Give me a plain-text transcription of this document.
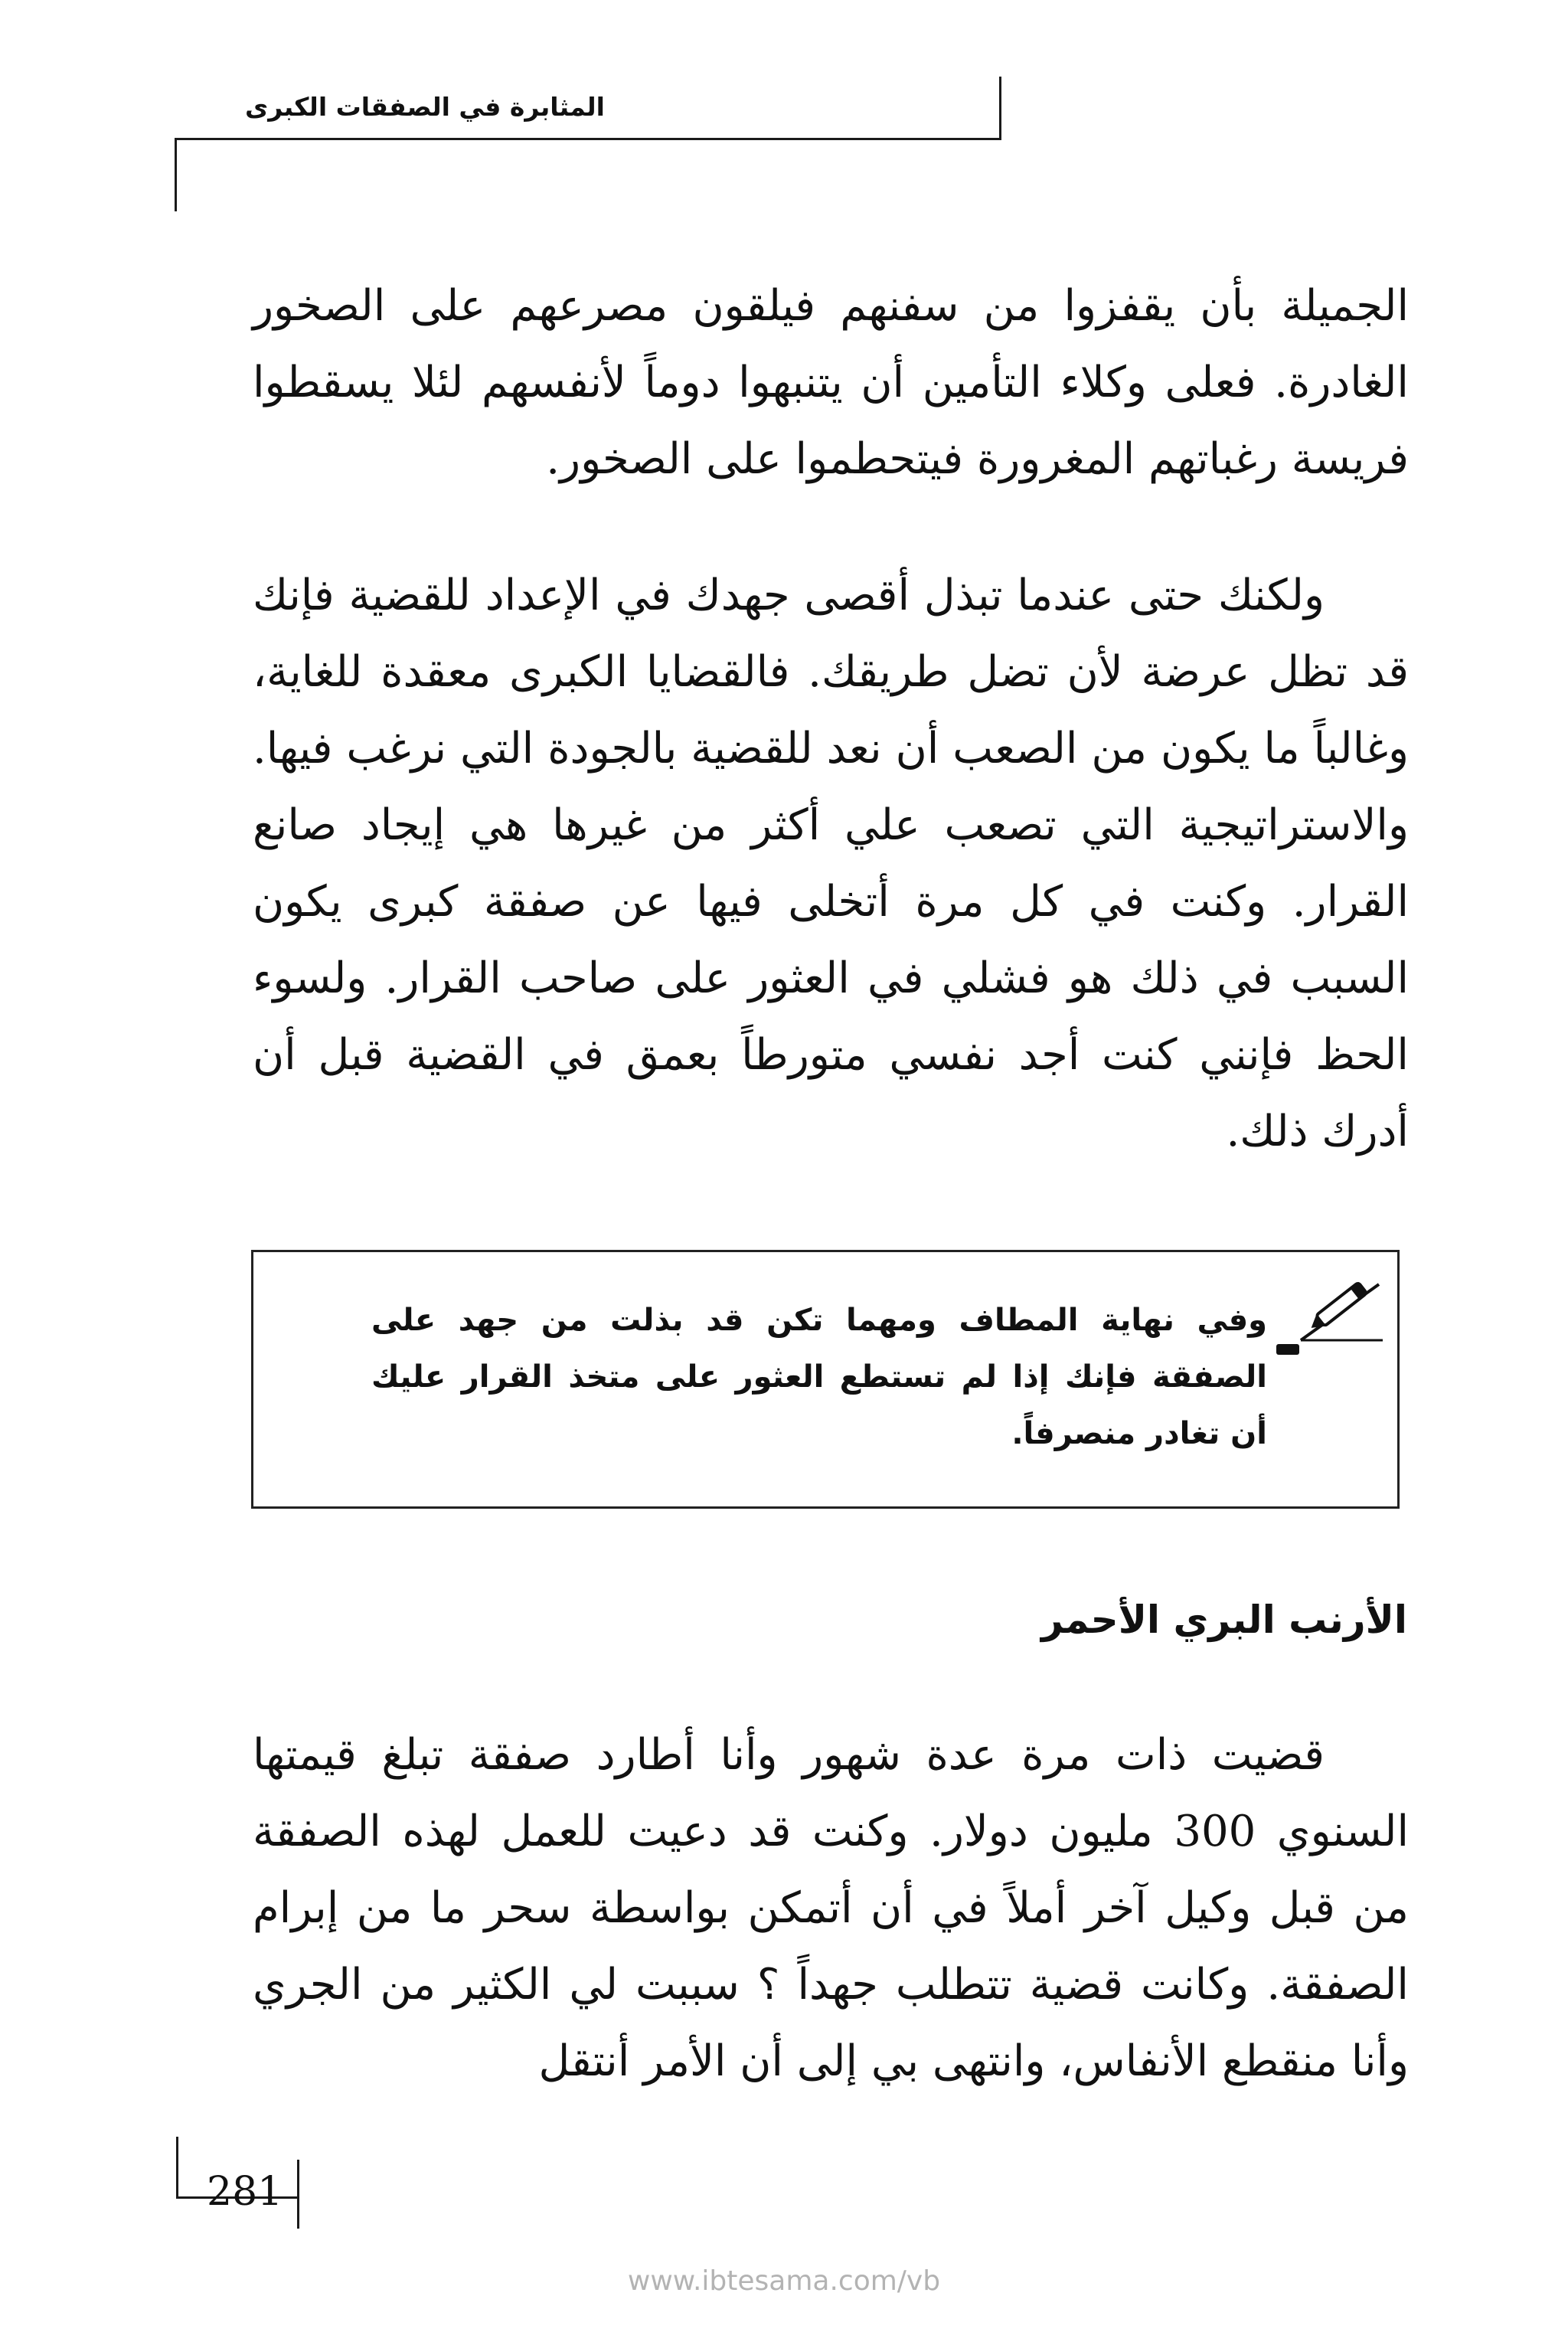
المثابرة في الصفقات الكبرى

الجميلة بأن يقفزوا من سفنهم فيلقون مصرعهم على الصخور الغادرة. فعلى وكلاء التأمين أن يتنبهوا دوماً لأنفسهم لئلا يسقطوا فريسة رغباتهم المغرورة فيتحطموا على الصخور.

ولكنك حتى عندما تبذل أقصى جهدك في الإعداد للقضية فإنك قد تظل عرضة لأن تضل طريقك. فالقضايا الكبرى معقدة للغاية، وغالباً ما يكون من الصعب أن نعد للقضية بالجودة التي نرغب فيها. والاستراتيجية التي تصعب علي أكثر من غيرها هي إيجاد صانع القرار. وكنت في كل مرة أتخلى فيها عن صفقة كبرى يكون السبب في ذلك هو فشلي في العثور على صاحب القرار. ولسوء الحظ فإنني كنت أجد نفسي متورطاً بعمق في القضية قبل أن أدرك ذلك.

وفي نهاية المطاف ومهما تكن قد بذلت من جهد على الصفقة فإنك إذا لم تستطع العثور على متخذ القرار عليك أن تغادر منصرفاً.

الأرنب البري الأحمر

قضيت ذات مرة عدة شهور وأنا أطارد صفقة تبلغ قيمتها السنوي 300 مليون دولار. وكنت قد دعيت للعمل لهذه الصفقة من قبل وكيل آخر أملاً في أن أتمكن بواسطة سحر ما من إبرام الصفقة. وكانت قضية تتطلب جهداً ؟ سببت لي الكثير من الجري وأنا منقطع الأنفاس، وانتهى بي إلى أن الأمر أنتقل

281
www.ibtesama.com/vb
